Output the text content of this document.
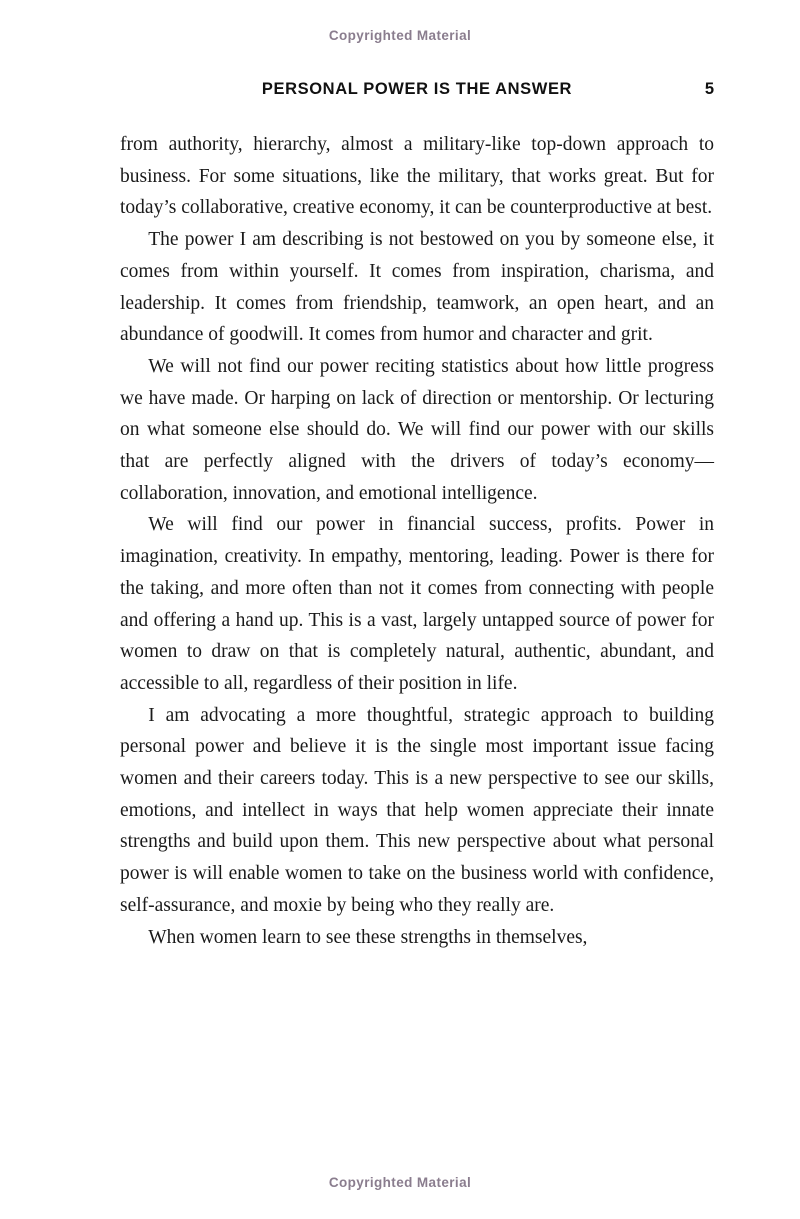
Copyrighted Material
PERSONAL POWER IS THE ANSWER	5

from authority, hierarchy, almost a military-like top-down approach to business. For some situations, like the military, that works great. But for today’s collaborative, creative economy, it can be counterproductive at best.

The power I am describing is not bestowed on you by someone else, it comes from within yourself. It comes from inspiration, charisma, and leadership. It comes from friendship, teamwork, an open heart, and an abundance of goodwill. It comes from humor and character and grit.

We will not find our power reciting statistics about how little progress we have made. Or harping on lack of direction or mentorship. Or lecturing on what someone else should do. We will find our power with our skills that are perfectly aligned with the drivers of today’s economy—collaboration, innovation, and emotional intelligence.

We will find our power in financial success, profits. Power in imagination, creativity. In empathy, mentoring, leading. Power is there for the taking, and more often than not it comes from connecting with people and offering a hand up. This is a vast, largely untapped source of power for women to draw on that is completely natural, authentic, abundant, and accessible to all, regardless of their position in life.

I am advocating a more thoughtful, strategic approach to building personal power and believe it is the single most important issue facing women and their careers today. This is a new perspective to see our skills, emotions, and intellect in ways that help women appreciate their innate strengths and build upon them. This new perspective about what personal power is will enable women to take on the business world with confidence, self-assurance, and moxie by being who they really are.

When women learn to see these strengths in themselves,

Copyrighted Material
